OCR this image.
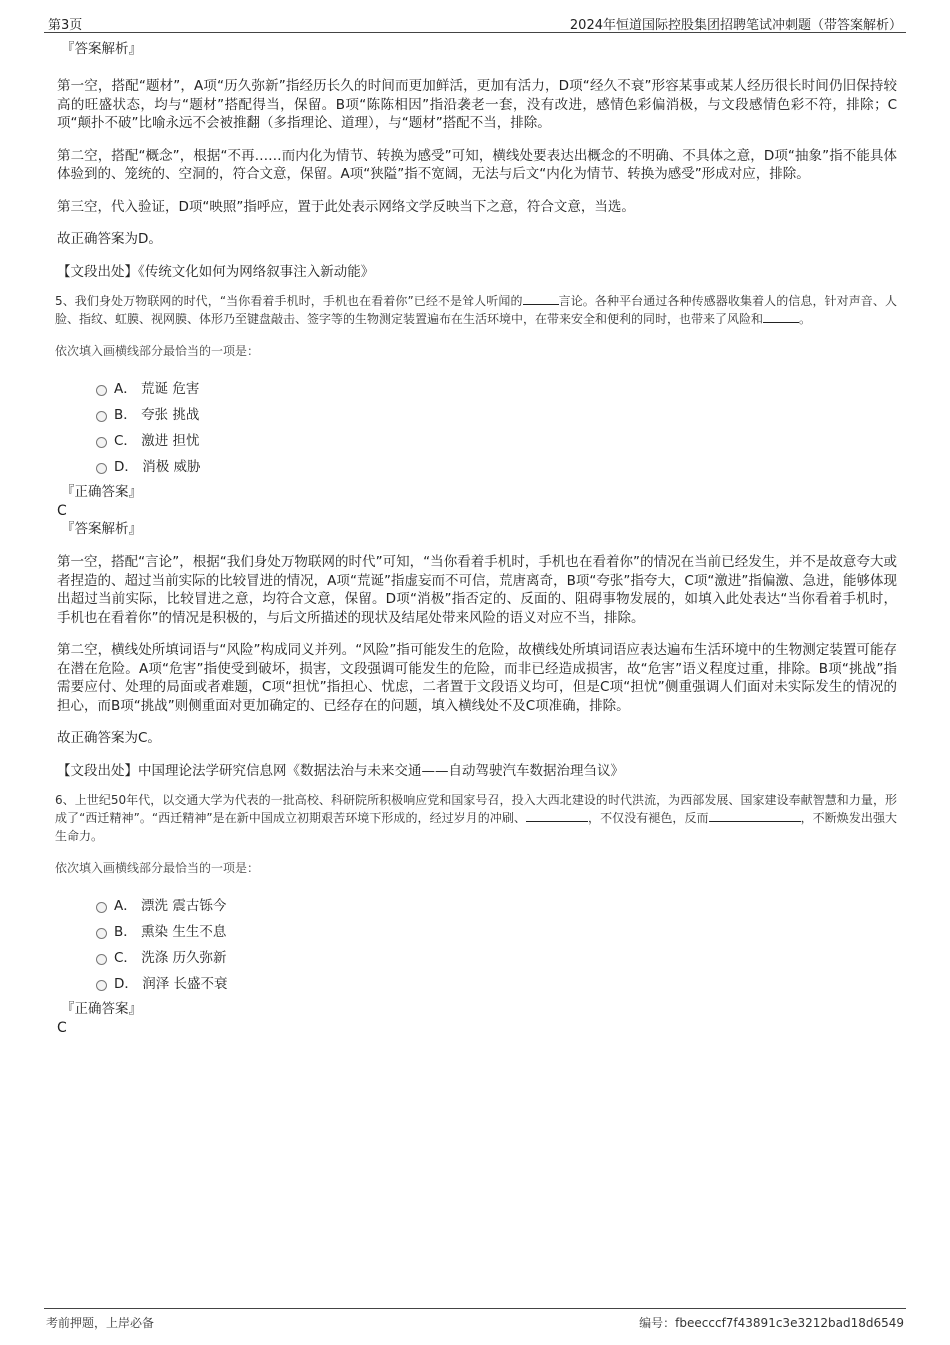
第3页	2024年恒道国际控股集团招聘笔试冲刺题（带答案解析）

『答案解析』

第一空，搭配“题材”，A项“历久弥新”指经历长久的时间而更加鲜活，更加有活力，D项“经久不衰”形容某事或某人经历很长时间仍旧保持较高的旺盛状态，均与“题材”搭配得当，保留。B项“陈陈相因”指沿袭老一套，没有改进，感情色彩偏消极，与文段感情色彩不符，排除；C项“颠扑不破”比喻永远不会被推翻（多指理论、道理），与“题材”搭配不当，排除。

第二空，搭配“概念”，根据“不再……而内化为情节、转换为感受”可知，横线处要表达出概念的不明确、不具体之意，D项“抽象”指不能具体体验到的、笼统的、空洞的，符合文意，保留。A项“狭隘”指不宽阔，无法与后文“内化为情节、转换为感受”形成对应，排除。

第三空，代入验证，D项“映照”指呼应，置于此处表示网络文学反映当下之意，符合文意，当选。

故正确答案为D。

【文段出处】《传统文化如何为网络叙事注入新动能》

5、我们身处万物联网的时代，“当你看着手机时，手机也在看着你”已经不是耸人听闻的	言论。各种平台通过各种传感器收集着人的信息，针对声音、人脸、指纹、虹膜、视网膜、体形乃至键盘敲击、签字等的生物测定装置遍布在生活环境中，在带来安全和便利的同时，也带来了风险和	。

依次填入画横线部分最恰当的一项是：

A． 荒诞 危害
B． 夸张 挑战
C． 激进 担忧
D． 消极 威胁

『正确答案』

C

『答案解析』

第一空，搭配“言论”，根据“我们身处万物联网的时代”可知，“当你看着手机时，手机也在看着你”的情况在当前已经发生，并不是故意夸大或者捏造的、超过当前实际的比较冒进的情况，A项“荒诞”指虚妄而不可信，荒唐离奇，B项“夸张”指夸大，C项“激进”指偏激、急进，能够体现出超过当前实际，比较冒进之意，均符合文意，保留。D项“消极”指否定的、反面的、阻碍事物发展的，如填入此处表达“当你看着手机时，手机也在看着你”的情况是积极的，与后文所描述的现状及结尾处带来风险的语义对应不当，排除。

第二空，横线处所填词语与“风险”构成同义并列。“风险”指可能发生的危险，故横线处所填词语应表达遍布生活环境中的生物测定装置可能存在潜在危险。A项“危害”指使受到破坏，损害，文段强调可能发生的危险，而非已经造成损害，故“危害”语义程度过重，排除。B项“挑战”指需要应付、处理的局面或者难题，C项“担忧”指担心、忧虑，二者置于文段语义均可，但是C项“担忧”侧重强调人们面对未实际发生的情况的担心，而B项“挑战”则侧重面对更加确定的、已经存在的问题，填入横线处不及C项准确，排除。

故正确答案为C。

【文段出处】中国理论法学研究信息网《数据法治与未来交通——自动驾驶汽车数据治理刍议》

6、上世纪50年代，以交通大学为代表的一批高校、科研院所积极响应党和国家号召，投入大西北建设的时代洪流，为西部发展、国家建设奉献智慧和力量，形成了“西迁精神”。“西迁精神”是在新中国成立初期艰苦环境下形成的，经过岁月的冲刷、	，不仅没有褪色，反而	，不断焕发出强大生命力。

依次填入画横线部分最恰当的一项是：

A． 漂洗 震古铄今
B． 熏染 生生不息
C． 洗涤 历久弥新
D． 润泽 长盛不衰

『正确答案』

C

考前押题，上岸必备	编号：fbeecccf7f43891c3e3212bad18d6549
